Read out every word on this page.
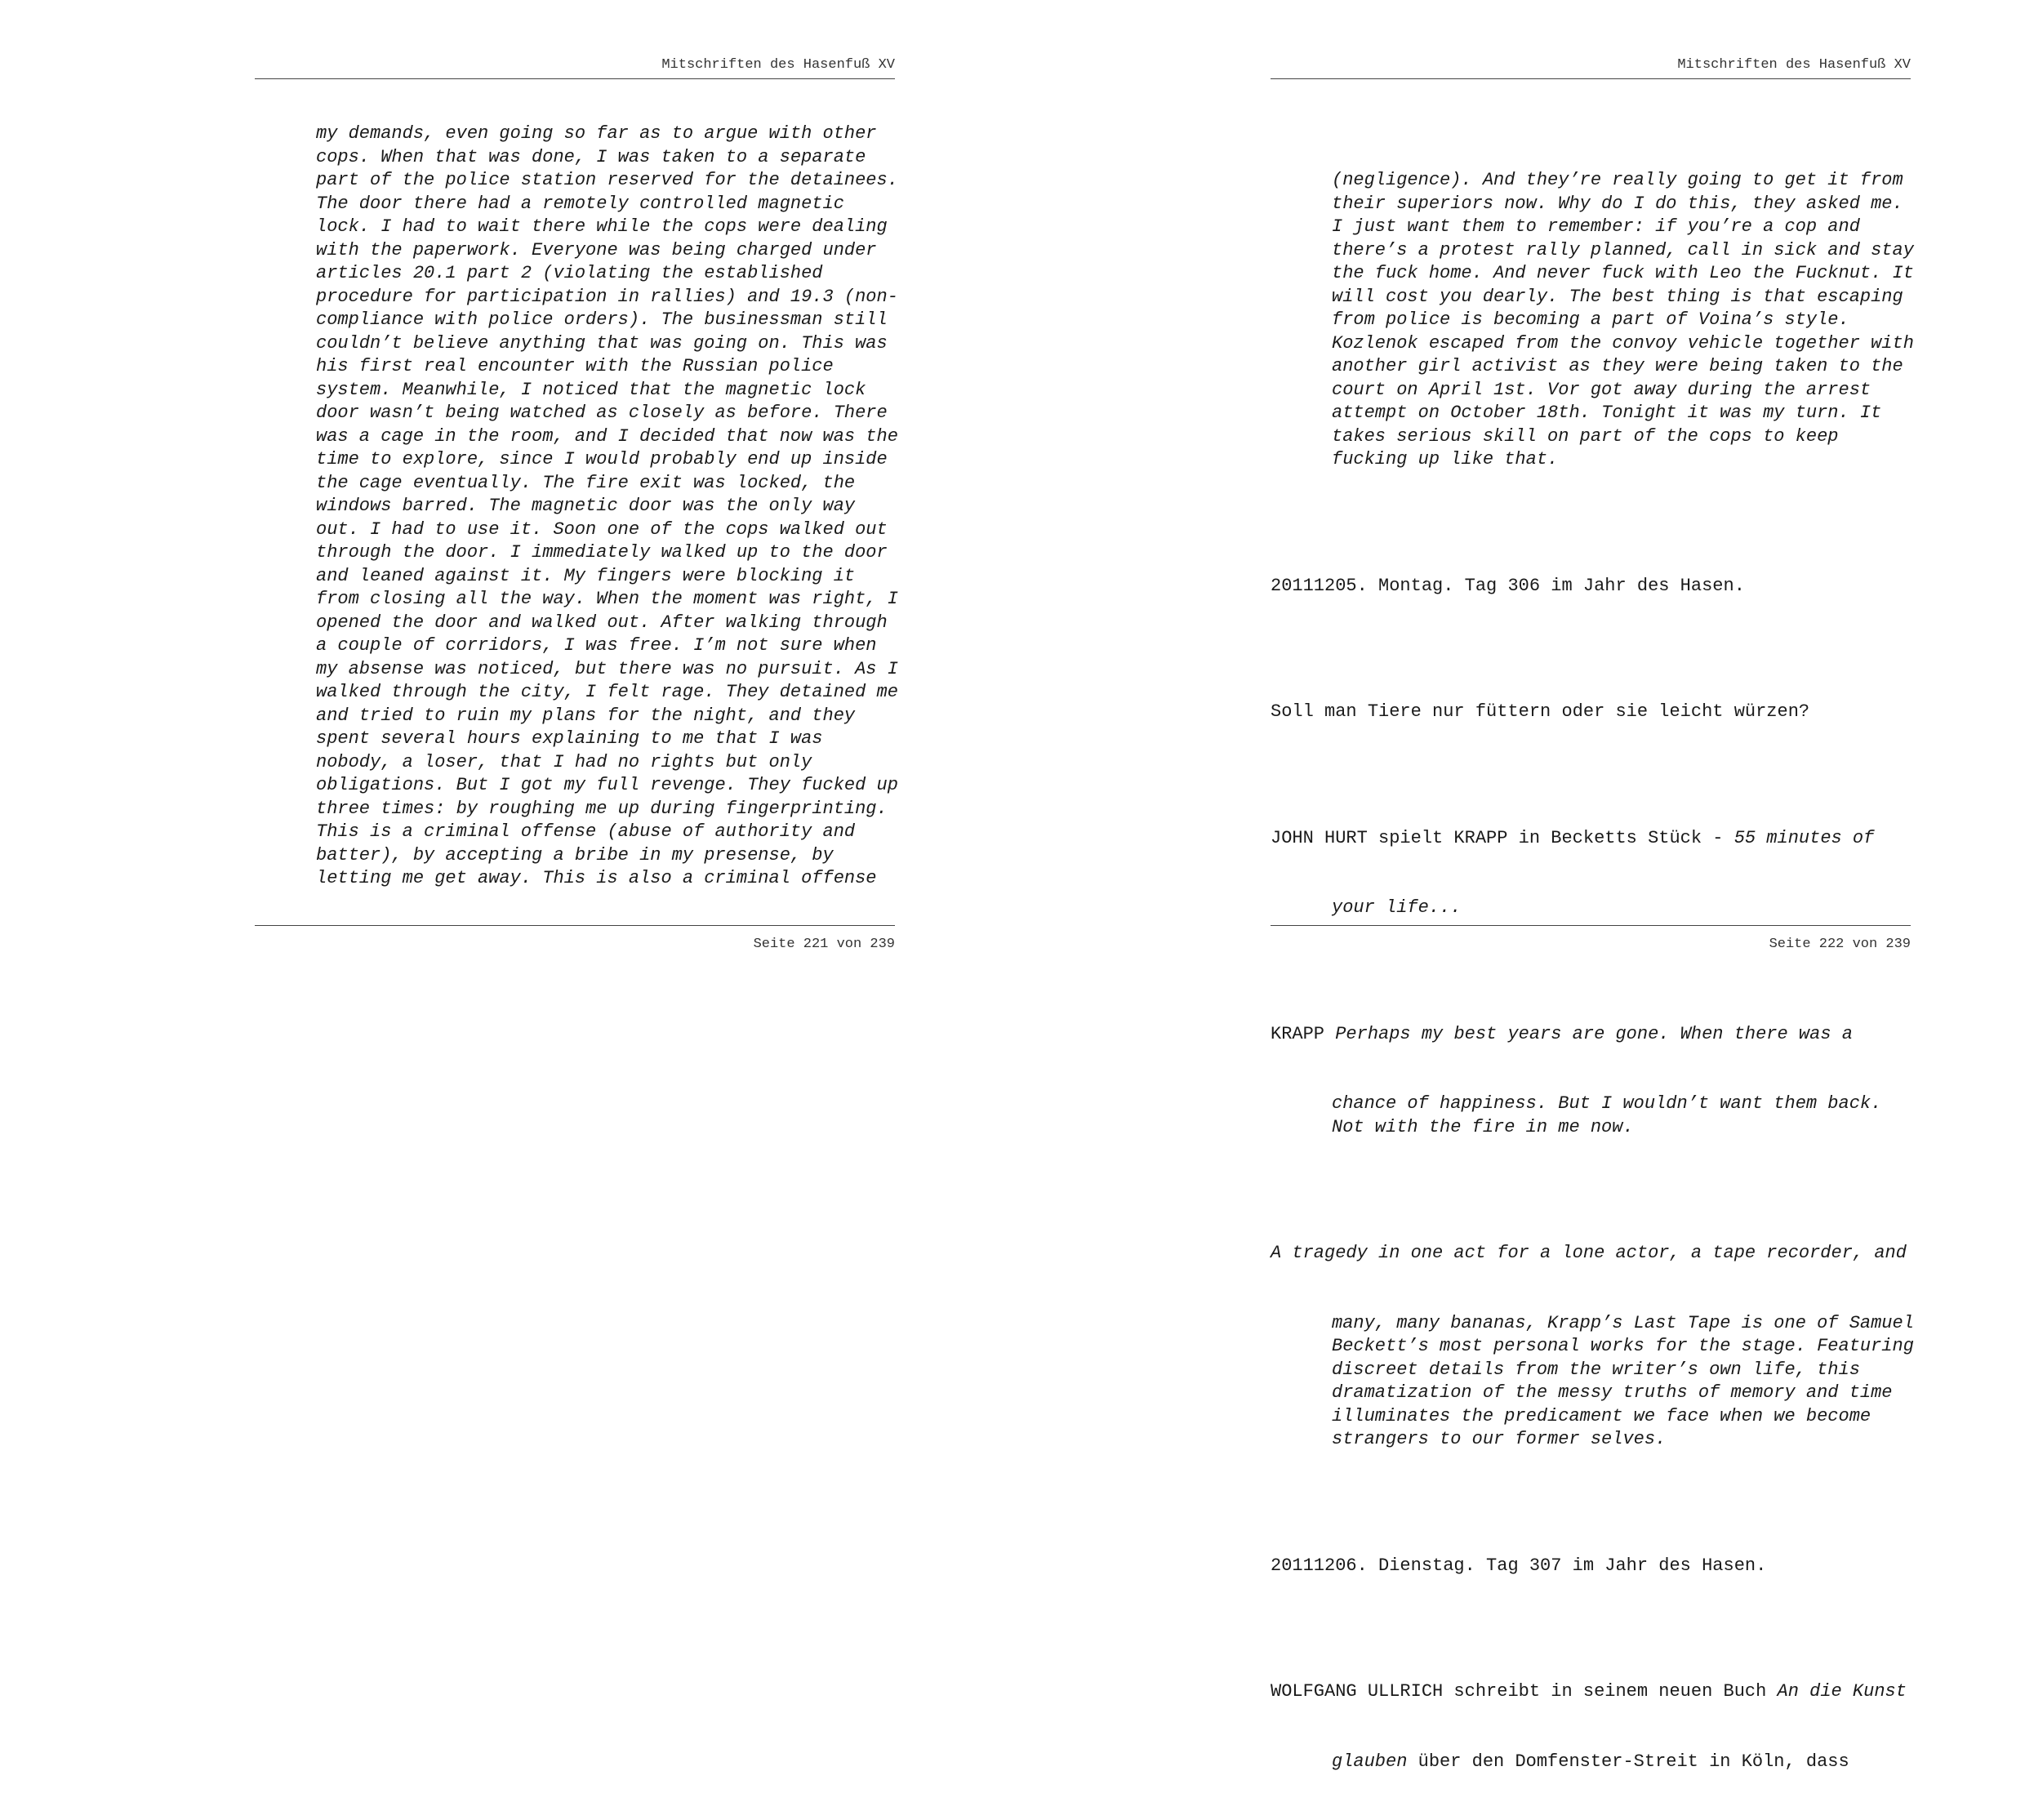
Mitschriften des Hasenfuß XV
my demands, even going so far as to argue with other
cops. When that was done, I was taken to a separate
part of the police station reserved for the detainees.
The door there had a remotely controlled magnetic
lock. I had to wait there while the cops were dealing
with the paperwork. Everyone was being charged under
articles 20.1 part 2 (violating the established
procedure for participation in rallies) and 19.3 (non-
compliance with police orders). The businessman still
couldn’t believe anything that was going on. This was
his first real encounter with the Russian police
system. Meanwhile, I noticed that the magnetic lock
door wasn’t being watched as closely as before. There
was a cage in the room, and I decided that now was the
time to explore, since I would probably end up inside
the cage eventually. The fire exit was locked, the
windows barred. The magnetic door was the only way
out. I had to use it. Soon one of the cops walked out
through the door. I immediately walked up to the door
and leaned against it. My fingers were blocking it
from closing all the way. When the moment was right, I
opened the door and walked out. After walking through
a couple of corridors, I was free. I’m not sure when
my absense was noticed, but there was no pursuit. As I
walked through the city, I felt rage. They detained me
and tried to ruin my plans for the night, and they
spent several hours explaining to me that I was
nobody, a loser, that I had no rights but only
obligations. But I got my full revenge. They fucked up
three times: by roughing me up during fingerprinting.
This is a criminal offense (abuse of authority and
batter), by accepting a bribe in my presense, by
letting me get away. This is also a criminal offense
Seite 221 von 239
Mitschriften des Hasenfuß XV

(negligence). And they’re really going to get it from
their superiors now. Why do I do this, they asked me.
I just want them to remember: if you’re a cop and
there’s a protest rally planned, call in sick and stay
the fuck home. And never fuck with Leo the Fucknut. It
will cost you dearly. The best thing is that escaping
from police is becoming a part of Voina’s style.
Kozlenok escaped from the convoy vehicle together with
another girl activist as they were being taken to the
court on April 1st. Vor got away during the arrest
attempt on October 18th. Tonight it was my turn. It
takes serious skill on part of the cops to keep
fucking up like that.

20111205. Montag. Tag 306 im Jahr des Hasen.

Soll man Tiere nur füttern oder sie leicht würzen?

JOHN HURT spielt KRAPP in Becketts Stück - 55 minutes of

your life...

KRAPP Perhaps my best years are gone. When there was a

chance of happiness. But I wouldn’t want them back.
Not with the fire in me now.

A tragedy in one act for a lone actor, a tape recorder, and

many, many bananas, Krapp’s Last Tape is one of Samuel
Beckett’s most personal works for the stage. Featuring
discreet details from the writer’s own life, this
dramatization of the messy truths of memory and time
illuminates the predicament we face when we become
strangers to our former selves.

20111206. Dienstag. Tag 307 im Jahr des Hasen.

WOLFGANG ULLRICH schreibt in seinem neuen Buch An die Kunst

glauben über den Domfenster-Streit in Köln, dass

Seite 222 von 239
